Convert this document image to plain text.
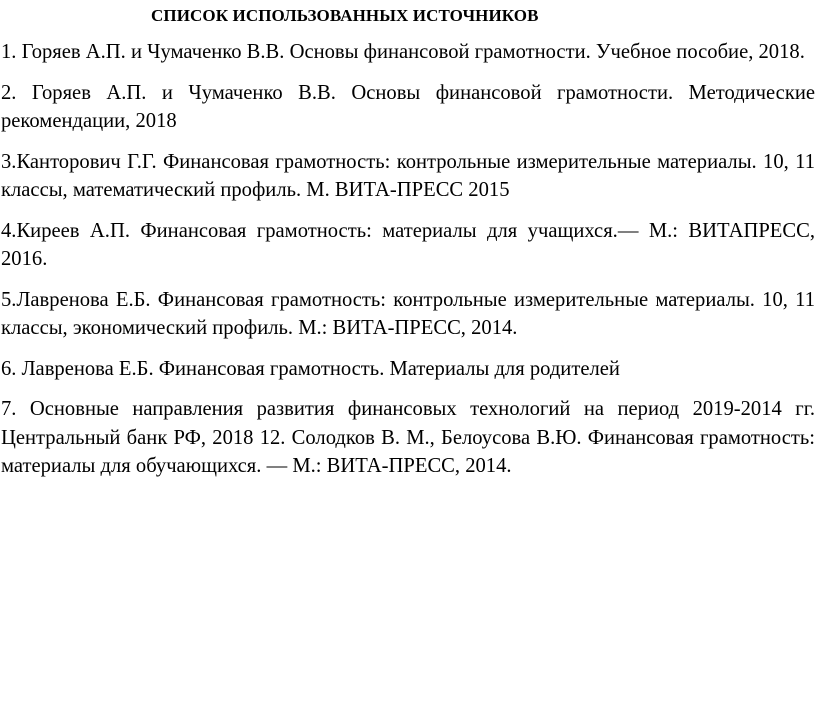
СПИСОК ИСПОЛЬЗОВАННЫХ ИСТОЧНИКОВ
1. Горяев А.П. и Чумаченко В.В. Основы финансовой грамотности. Учебное пособие, 2018.
2. Горяев А.П. и Чумаченко В.В. Основы финансовой грамотности. Методические рекомендации, 2018
3.Канторович Г.Г. Финансовая грамотность: контрольные измерительные материалы. 10, 11 классы, математический профиль. М. ВИТА-ПРЕСС 2015
4.Киреев А.П. Финансовая грамотность: материалы для учащихся.— М.: ВИТАПРЕСС, 2016.
5.Лавренова Е.Б. Финансовая грамотность: контрольные измерительные материалы. 10, 11 классы, экономический профиль. М.: ВИТА-ПРЕСС, 2014.
6. Лавренова Е.Б. Финансовая грамотность. Материалы для родителей
7. Основные направления развития финансовых технологий на период 2019-2014 гг. Центральный банк РФ, 2018 12. Солодков В. М., Белоусова В.Ю. Финансовая грамотность: материалы для обучающихся. — М.: ВИТА-ПРЕСС, 2014.
